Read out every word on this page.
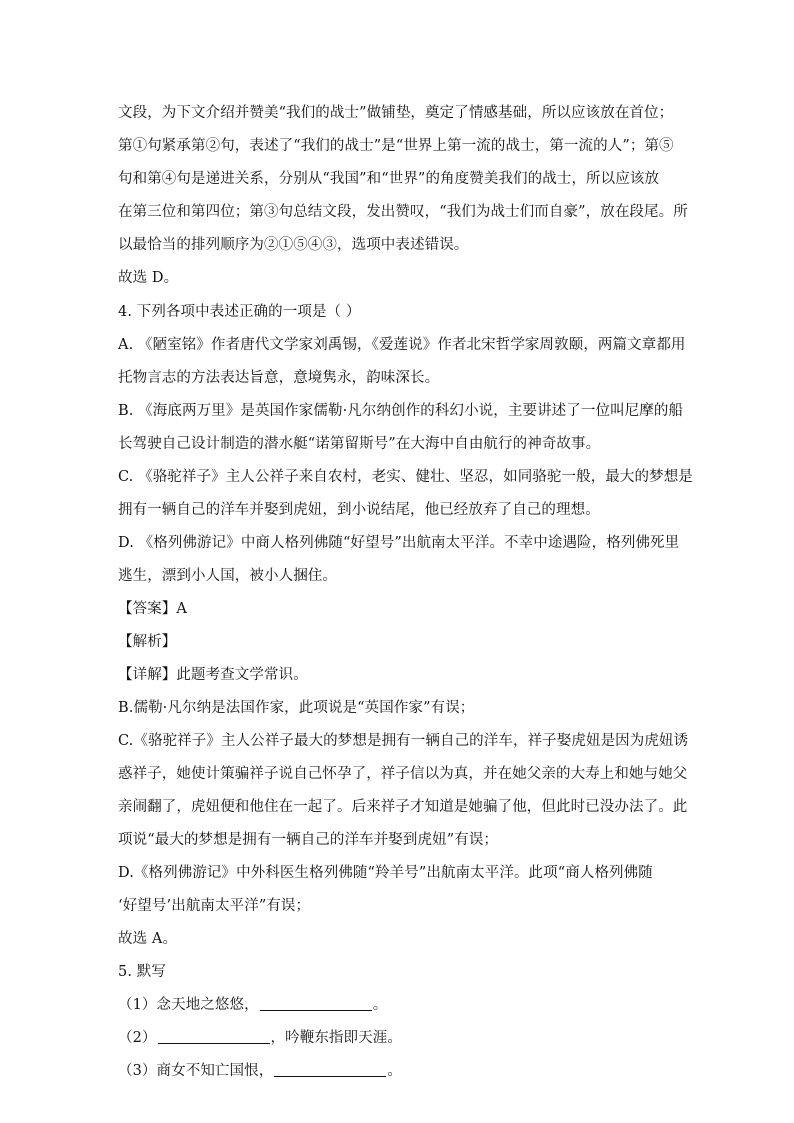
文段，为下文介绍并赞美“我们的战士”做铺垫，奠定了情感基础，所以应该放在首位；
第①句紧承第②句，表述了“我们的战士”是“世界上第一流的战士，第一流的人”；第⑤
句和第④句是递进关系，分别从“我国”和“世界”的角度赞美我们的战士，所以应该放
在第三位和第四位；第③句总结文段，发出赞叹，“我们为战士们而自豪”，放在段尾。所
以最恰当的排列顺序为②①⑤④③，选项中表述错误。
故选 D。
4. 下列各项中表述正确的一项是（ ）
A. 《陋室铭》作者唐代文学家刘禹锡，《爱莲说》作者北宋哲学家周敦颐，两篇文章都用
托物言志的方法表达旨意，意境隽永，韵味深长。
B. 《海底两万里》是英国作家儒勒·凡尔纳创作的科幻小说，主要讲述了一位叫尼摩的船
长驾驶自己设计制造的潜水艇“诺第留斯号”在大海中自由航行的神奇故事。
C. 《骆驼祥子》主人公祥子来自农村，老实、健壮、坚忍，如同骆驼一般，最大的梦想是
拥有一辆自己的洋车并娶到虎妞，到小说结尾，他已经放弃了自己的理想。
D. 《格列佛游记》中商人格列佛随“好望号”出航南太平洋。不幸中途遇险，格列佛死里
逃生，漂到小人国，被小人捆住。
【答案】A
【解析】
【详解】此题考查文学常识。
B.儒勒·凡尔纳是法国作家，此项说是“英国作家”有误；
C.《骆驼祥子》主人公祥子最大的梦想是拥有一辆自己的洋车，祥子娶虎妞是因为虎妞诱
惑祥子，她使计策骗祥子说自己怀孕了，祥子信以为真，并在她父亲的大寿上和她与她父
亲闹翻了，虎妞便和他住在一起了。后来祥子才知道是她骗了他，但此时已没办法了。此
项说“最大的梦想是拥有一辆自己的洋车并娶到虎妞”有误；
D.《格列佛游记》中外科医生格列佛随“羚羊号”出航南太平洋。此项“商人格列佛随
‘好望号’出航南太平洋”有误；
故选 A。
5. 默写
（1）念天地之悠悠，	。
（2）	，吟鞭东指即天涯。
（3）商女不知亡国恨，	。
